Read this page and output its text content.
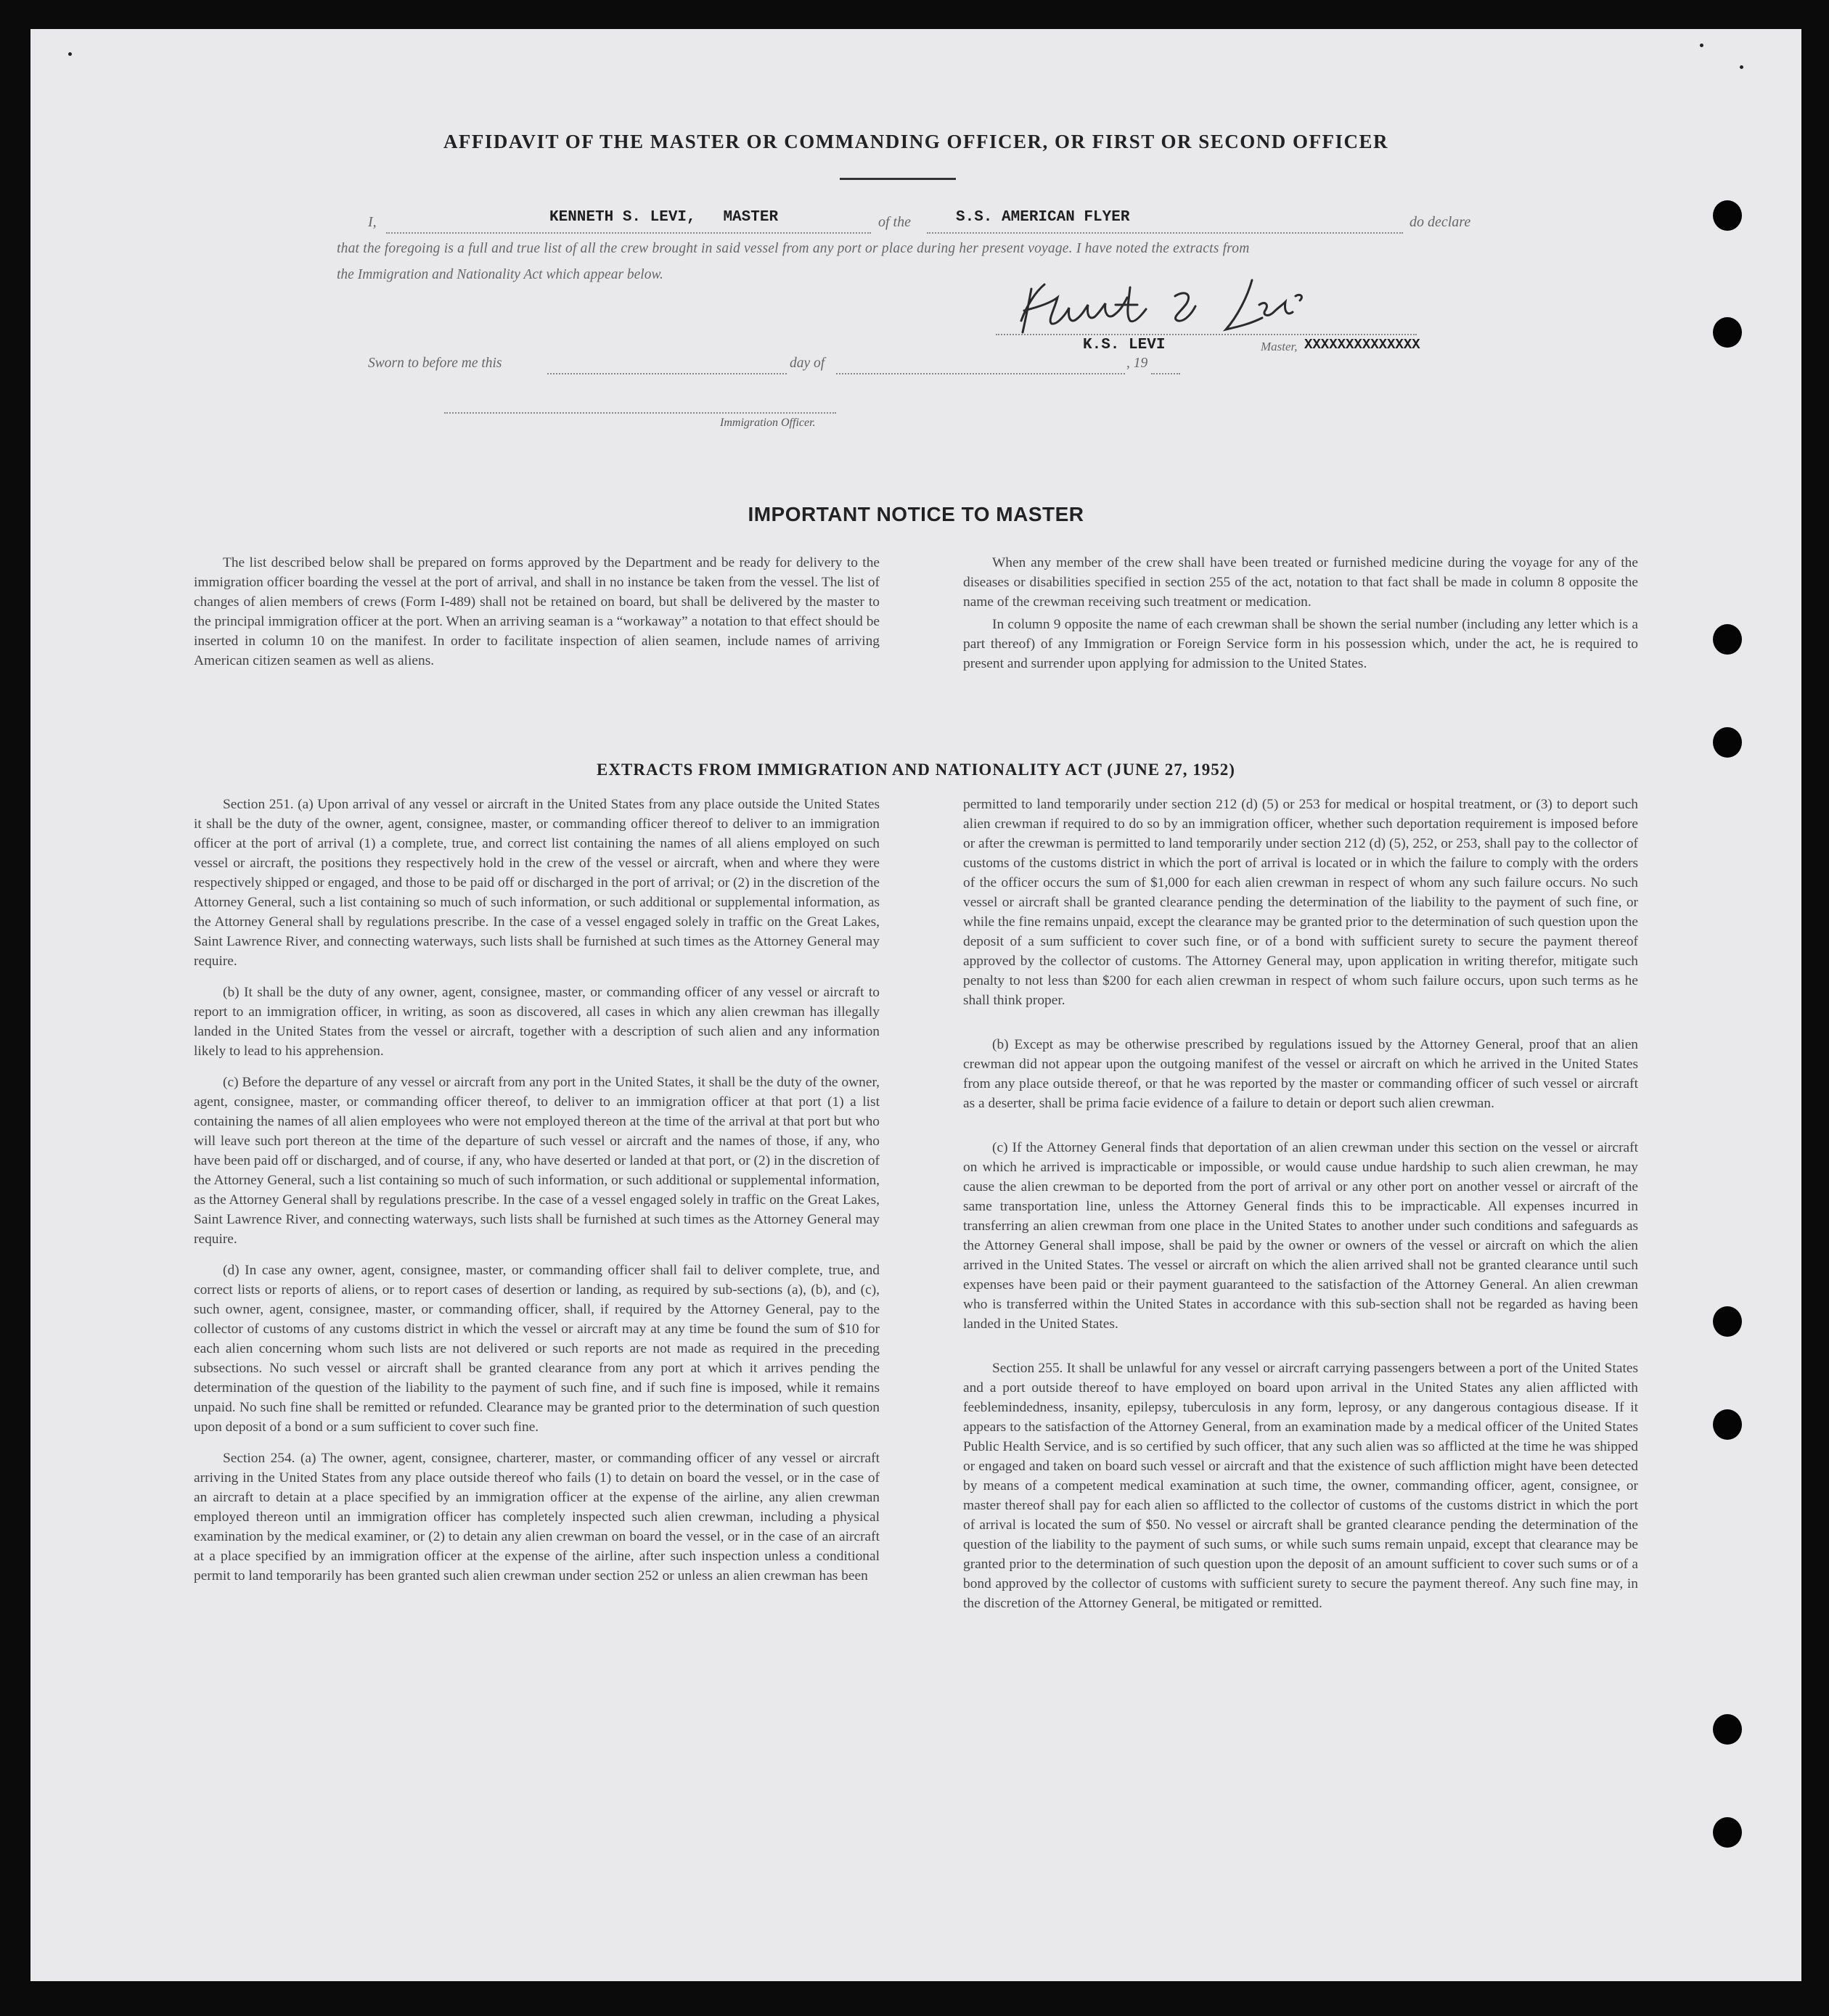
AFFIDAVIT OF THE MASTER OR COMMANDING OFFICER, OR FIRST OR SECOND OFFICER
I,	KENNETH S. LEVI,   MASTER	of the	S.S. AMERICAN FLYER	do declare
that the foregoing is a full and true list of all the crew brought in said vessel from any port or place during her present voyage. I have noted the extracts from
the Immigration and Nationality Act which appear below.
K.S. LEVI	Master, XXXXXXXXXXXXXX
Sworn to before me this	day of	, 19
Immigration Officer.
IMPORTANT NOTICE TO MASTER

The list described below shall be prepared on forms approved by the Department and be ready for delivery to the immigration officer boarding the vessel at the port of arrival, and shall in no instance be taken from the vessel. The list of changes of alien members of crews (Form I-489) shall not be retained on board, but shall be delivered by the master to the principal immigration officer at the port. When an arriving seaman is a “workaway” a notation to that effect should be inserted in column 10 on the manifest. In order to facilitate inspection of alien seamen, include names of arriving American citizen seamen as well as aliens.

When any member of the crew shall have been treated or furnished medicine during the voyage for any of the diseases or disabilities specified in section 255 of the act, notation to that fact shall be made in column 8 opposite the name of the crewman receiving such treatment or medication.

In column 9 opposite the name of each crewman shall be shown the serial number (including any letter which is a part thereof) of any Immigration or Foreign Service form in his possession which, under the act, he is required to present and surrender upon applying for admission to the United States.

EXTRACTS FROM IMMIGRATION AND NATIONALITY ACT (JUNE 27, 1952)

Section 251. (a) Upon arrival of any vessel or aircraft in the United States from any place outside the United States it shall be the duty of the owner, agent, consignee, master, or commanding officer thereof to deliver to an immigration officer at the port of arrival (1) a complete, true, and correct list containing the names of all aliens employed on such vessel or aircraft, the positions they respectively hold in the crew of the vessel or aircraft, when and where they were respectively shipped or engaged, and those to be paid off or discharged in the port of arrival; or (2) in the discretion of the Attorney General, such a list containing so much of such information, or such additional or supplemental information, as the Attorney General shall by regulations prescribe. In the case of a vessel engaged solely in traffic on the Great Lakes, Saint Lawrence River, and connecting waterways, such lists shall be furnished at such times as the Attorney General may require.

(b) It shall be the duty of any owner, agent, consignee, master, or commanding officer of any vessel or aircraft to report to an immigration officer, in writing, as soon as discovered, all cases in which any alien crewman has illegally landed in the United States from the vessel or aircraft, together with a description of such alien and any information likely to lead to his apprehension.

(c) Before the departure of any vessel or aircraft from any port in the United States, it shall be the duty of the owner, agent, consignee, master, or commanding officer thereof, to deliver to an immigration officer at that port (1) a list containing the names of all alien employees who were not employed thereon at the time of the arrival at that port but who will leave such port thereon at the time of the departure of such vessel or aircraft and the names of those, if any, who have been paid off or discharged, and of course, if any, who have deserted or landed at that port, or (2) in the discretion of the Attorney General, such a list containing so much of such information, or such additional or supplemental information, as the Attorney General shall by regulations prescribe. In the case of a vessel engaged solely in traffic on the Great Lakes, Saint Lawrence River, and connecting waterways, such lists shall be furnished at such times as the Attorney General may require.

(d) In case any owner, agent, consignee, master, or commanding officer shall fail to deliver complete, true, and correct lists or reports of aliens, or to report cases of desertion or landing, as required by sub-sections (a), (b), and (c), such owner, agent, consignee, master, or commanding officer, shall, if required by the Attorney General, pay to the collector of customs of any customs district in which the vessel or aircraft may at any time be found the sum of $10 for each alien concerning whom such lists are not delivered or such reports are not made as required in the preceding subsections. No such vessel or aircraft shall be granted clearance from any port at which it arrives pending the determination of the question of the liability to the payment of such fine, and if such fine is imposed, while it remains unpaid. No such fine shall be remitted or refunded. Clearance may be granted prior to the determination of such question upon deposit of a bond or a sum sufficient to cover such fine.

Section 254. (a) The owner, agent, consignee, charterer, master, or commanding officer of any vessel or aircraft arriving in the United States from any place outside thereof who fails (1) to detain on board the vessel, or in the case of an aircraft to detain at a place specified by an immigration officer at the expense of the airline, any alien crewman employed thereon until an immigration officer has completely inspected such alien crewman, including a physical examination by the medical examiner, or (2) to detain any alien crewman on board the vessel, or in the case of an aircraft at a place specified by an immigration officer at the expense of the airline, after such inspection unless a conditional permit to land temporarily has been granted such alien crewman under section 252 or unless an alien crewman has been

permitted to land temporarily under section 212 (d) (5) or 253 for medical or hospital treatment, or (3) to deport such alien crewman if required to do so by an immigration officer, whether such deportation requirement is imposed before or after the crewman is permitted to land temporarily under section 212 (d) (5), 252, or 253, shall pay to the collector of customs of the customs district in which the port of arrival is located or in which the failure to comply with the orders of the officer occurs the sum of $1,000 for each alien crewman in respect of whom any such failure occurs. No such vessel or aircraft shall be granted clearance pending the determination of the liability to the payment of such fine, or while the fine remains unpaid, except the clearance may be granted prior to the determination of such question upon the deposit of a sum sufficient to cover such fine, or of a bond with sufficient surety to secure the payment thereof approved by the collector of customs. The Attorney General may, upon application in writing therefor, mitigate such penalty to not less than $200 for each alien crewman in respect of whom such failure occurs, upon such terms as he shall think proper.

(b) Except as may be otherwise prescribed by regulations issued by the Attorney General, proof that an alien crewman did not appear upon the outgoing manifest of the vessel or aircraft on which he arrived in the United States from any place outside thereof, or that he was reported by the master or commanding officer of such vessel or aircraft as a deserter, shall be prima facie evidence of a failure to detain or deport such alien crewman.

(c) If the Attorney General finds that deportation of an alien crewman under this section on the vessel or aircraft on which he arrived is impracticable or impossible, or would cause undue hardship to such alien crewman, he may cause the alien crewman to be deported from the port of arrival or any other port on another vessel or aircraft of the same transportation line, unless the Attorney General finds this to be impracticable. All expenses incurred in transferring an alien crewman from one place in the United States to another under such conditions and safeguards as the Attorney General shall impose, shall be paid by the owner or owners of the vessel or aircraft on which the alien arrived in the United States. The vessel or aircraft on which the alien arrived shall not be granted clearance until such expenses have been paid or their payment guaranteed to the satisfaction of the Attorney General. An alien crewman who is transferred within the United States in accordance with this sub-section shall not be regarded as having been landed in the United States.

Section 255. It shall be unlawful for any vessel or aircraft carrying passengers between a port of the United States and a port outside thereof to have employed on board upon arrival in the United States any alien afflicted with feeblemindedness, insanity, epilepsy, tuberculosis in any form, leprosy, or any dangerous contagious disease. If it appears to the satisfaction of the Attorney General, from an examination made by a medical officer of the United States Public Health Service, and is so certified by such officer, that any such alien was so afflicted at the time he was shipped or engaged and taken on board such vessel or aircraft and that the existence of such affliction might have been detected by means of a competent medical examination at such time, the owner, commanding officer, agent, consignee, or master thereof shall pay for each alien so afflicted to the collector of customs of the customs district in which the port of arrival is located the sum of $50. No vessel or aircraft shall be granted clearance pending the determination of the question of the liability to the payment of such sums, or while such sums remain unpaid, except that clearance may be granted prior to the determination of such question upon the deposit of an amount sufficient to cover such sums or of a bond approved by the collector of customs with sufficient surety to secure the payment thereof. Any such fine may, in the discretion of the Attorney General, be mitigated or remitted.
